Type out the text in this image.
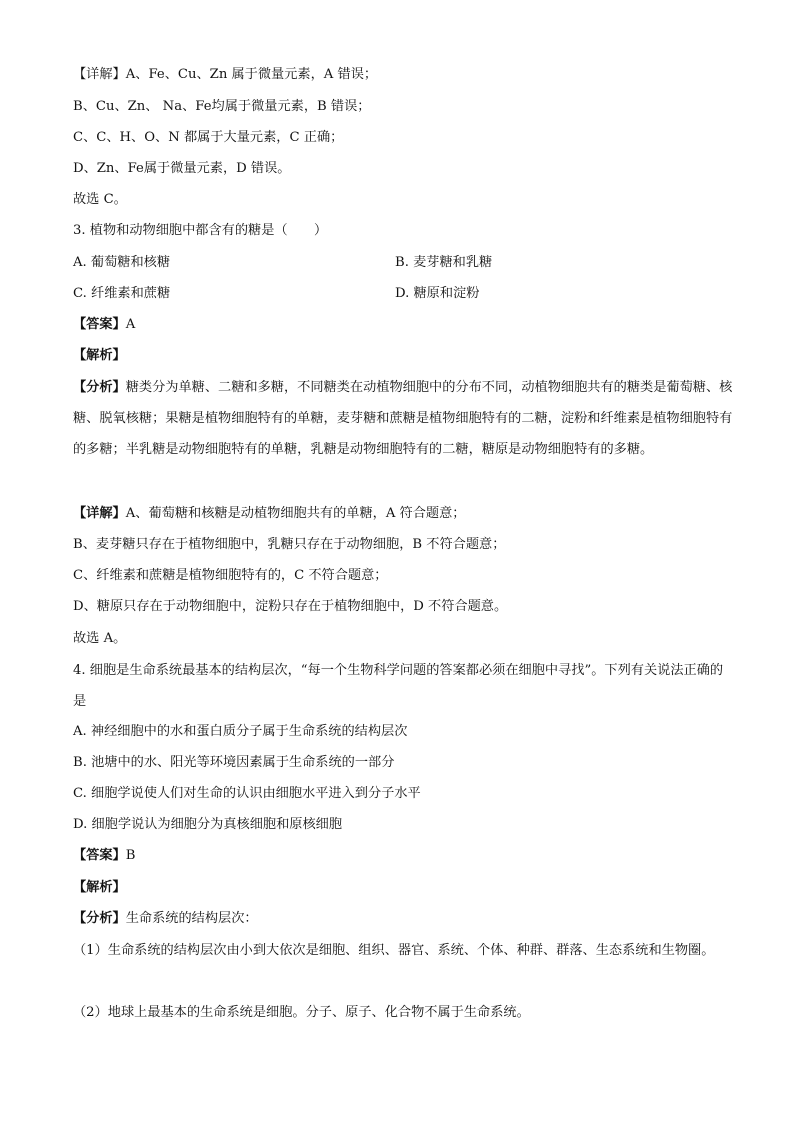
【详解】A、Fe、Cu、Zn 属于微量元素，A 错误；
B、Cu、Zn、 Na、Fe均属于微量元素，B 错误；
C、C、H、O、N 都属于大量元素，C 正确；
D、Zn、Fe属于微量元素，D 错误。
故选 C。
3. 植物和动物细胞中都含有的糖是（　　）
A. 葡萄糖和核糖	B. 麦芽糖和乳糖
C. 纤维素和蔗糖	D. 糖原和淀粉
【答案】A
【解析】
【分析】糖类分为单糖、二糖和多糖，不同糖类在动植物细胞中的分布不同，动植物细胞共有的糖类是葡萄糖、核糖、脱氧核糖；果糖是植物细胞特有的单糖，麦芽糖和蔗糖是植物细胞特有的二糖，淀粉和纤维素是植物细胞特有的多糖；半乳糖是动物细胞特有的单糖，乳糖是动物细胞特有的二糖，糖原是动物细胞特有的多糖。
【详解】A、葡萄糖和核糖是动植物细胞共有的单糖，A 符合题意；
B、麦芽糖只存在于植物细胞中，乳糖只存在于动物细胞，B 不符合题意；
C、纤维素和蔗糖是植物细胞特有的，C 不符合题意；
D、糖原只存在于动物细胞中，淀粉只存在于植物细胞中，D 不符合题意。
故选 A。
4. 细胞是生命系统最基本的结构层次，“每一个生物科学问题的答案都必须在细胞中寻找”。下列有关说法正确的是
A. 神经细胞中的水和蛋白质分子属于生命系统的结构层次
B. 池塘中的水、阳光等环境因素属于生命系统的一部分
C. 细胞学说使人们对生命的认识由细胞水平进入到分子水平
D. 细胞学说认为细胞分为真核细胞和原核细胞
【答案】B
【解析】
【分析】生命系统的结构层次：
（1）生命系统的结构层次由小到大依次是细胞、组织、器官、系统、个体、种群、群落、生态系统和生物圈。
（2）地球上最基本的生命系统是细胞。分子、原子、化合物不属于生命系统。
